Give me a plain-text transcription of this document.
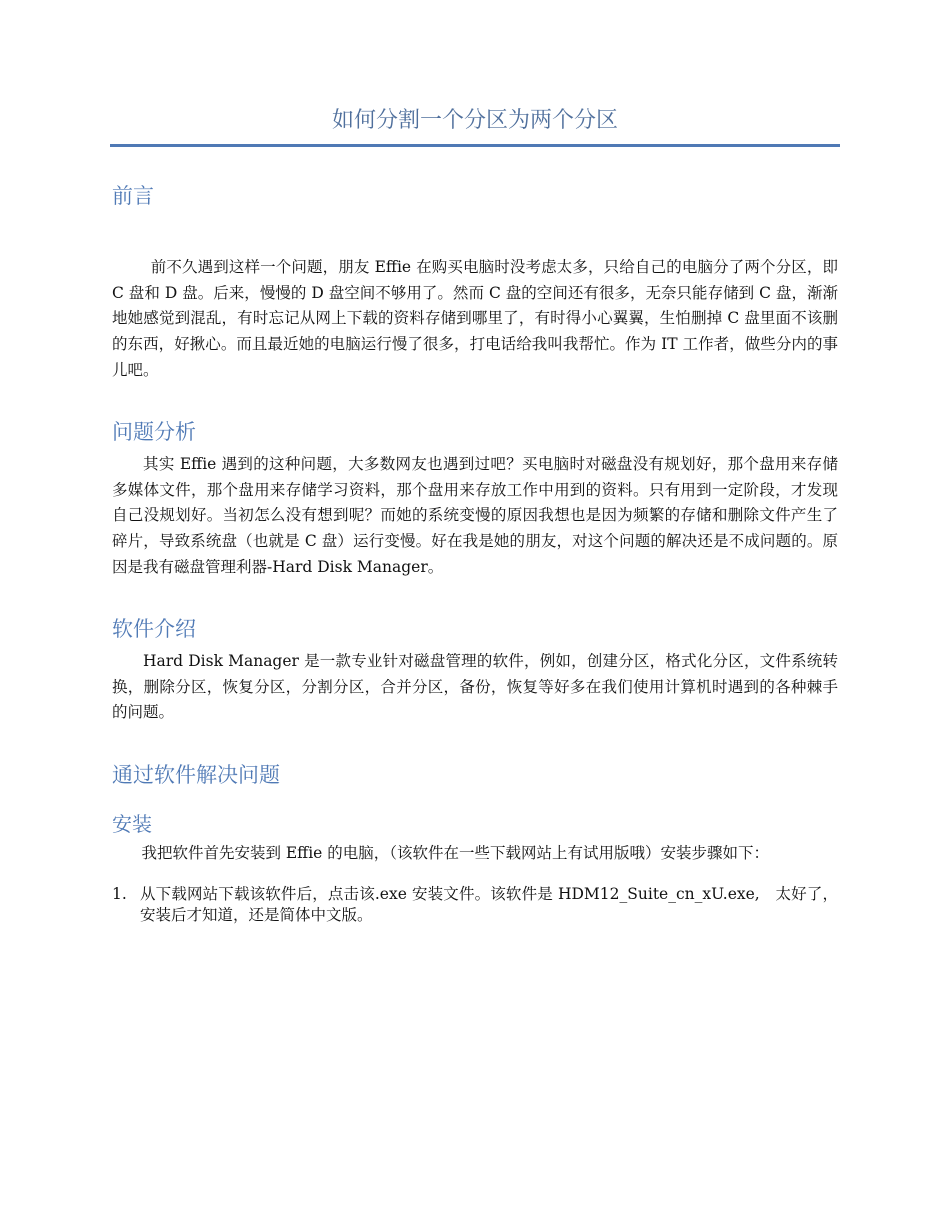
如何分割一个分区为两个分区
前言

前不久遇到这样一个问题，朋友 Effie 在购买电脑时没考虑太多，只给自己的电脑分了两个分区，即 C 盘和 D 盘。后来，慢慢的 D 盘空间不够用了。然而 C 盘的空间还有很多，无奈只能存储到 C 盘，渐渐地她感觉到混乱，有时忘记从网上下载的资料存储到哪里了，有时得小心翼翼，生怕删掉 C 盘里面不该删的东西，好揪心。而且最近她的电脑运行慢了很多，打电话给我叫我帮忙。作为 IT 工作者，做些分内的事儿吧。

问题分析

其实 Effie 遇到的这种问题，大多数网友也遇到过吧？买电脑时对磁盘没有规划好，那个盘用来存储多媒体文件，那个盘用来存储学习资料，那个盘用来存放工作中用到的资料。只有用到一定阶段，才发现自己没规划好。当初怎么没有想到呢？而她的系统变慢的原因我想也是因为频繁的存储和删除文件产生了碎片，导致系统盘（也就是 C 盘）运行变慢。好在我是她的朋友，对这个问题的解决还是不成问题的。原因是我有磁盘管理利器-Hard Disk Manager。

软件介绍

Hard Disk Manager 是一款专业针对磁盘管理的软件，例如，创建分区，格式化分区，文件系统转换，删除分区，恢复分区，分割分区，合并分区，备份，恢复等好多在我们使用计算机时遇到的各种棘手的问题。

通过软件解决问题
安装

我把软件首先安装到 Effie 的电脑，（该软件在一些下载网站上有试用版哦）安装步骤如下：

1. 从下载网站下载该软件后，点击该.exe 安装文件。该软件是 HDM12_Suite_cn_xU.exe,　太好了，安装后才知道，还是简体中文版。
